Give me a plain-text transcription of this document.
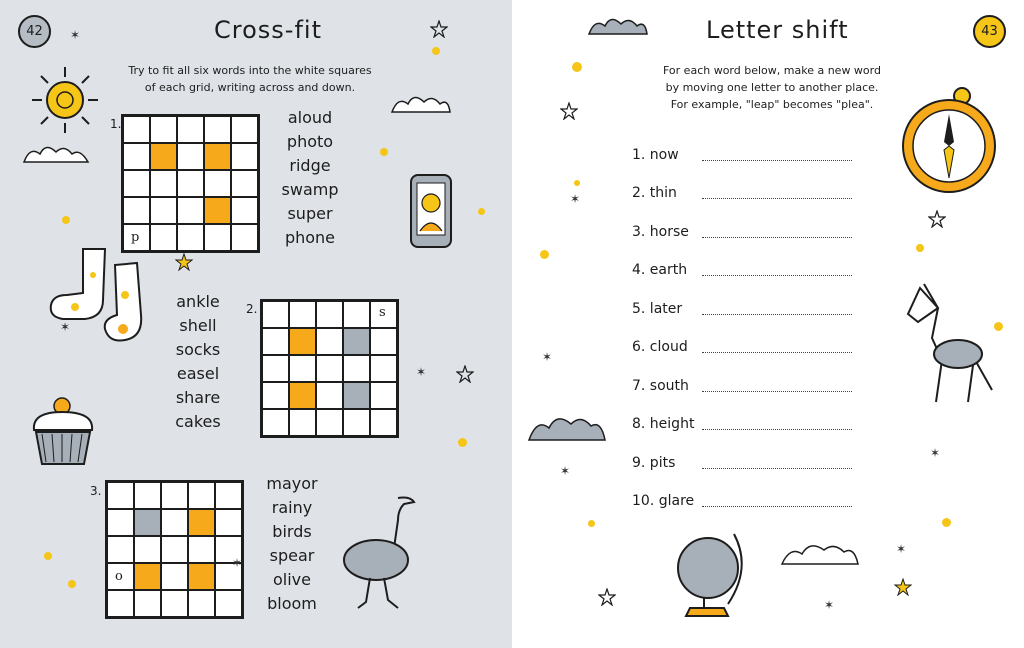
42	Cross-fit
Try to fit all six words into the white squares
of each grid, writing across and down.
1.
p
aloud
photo
ridge
swamp
super
phone
2.	s
ankle
shell
socks
easel
share
cakes
3.
o
mayor
rainy
birds
spear
olive
bloom
✶
✶
✶
✶
43
Letter shift
For each word below, make a new word
by moving one letter to another place.
For example, "leap" becomes "plea".
1. now
2. thin
3. horse
4. earth
5. later
6. cloud
7. south
8. height
9. pits
10. glare
✶
✶
✶
✶
✶
✶
